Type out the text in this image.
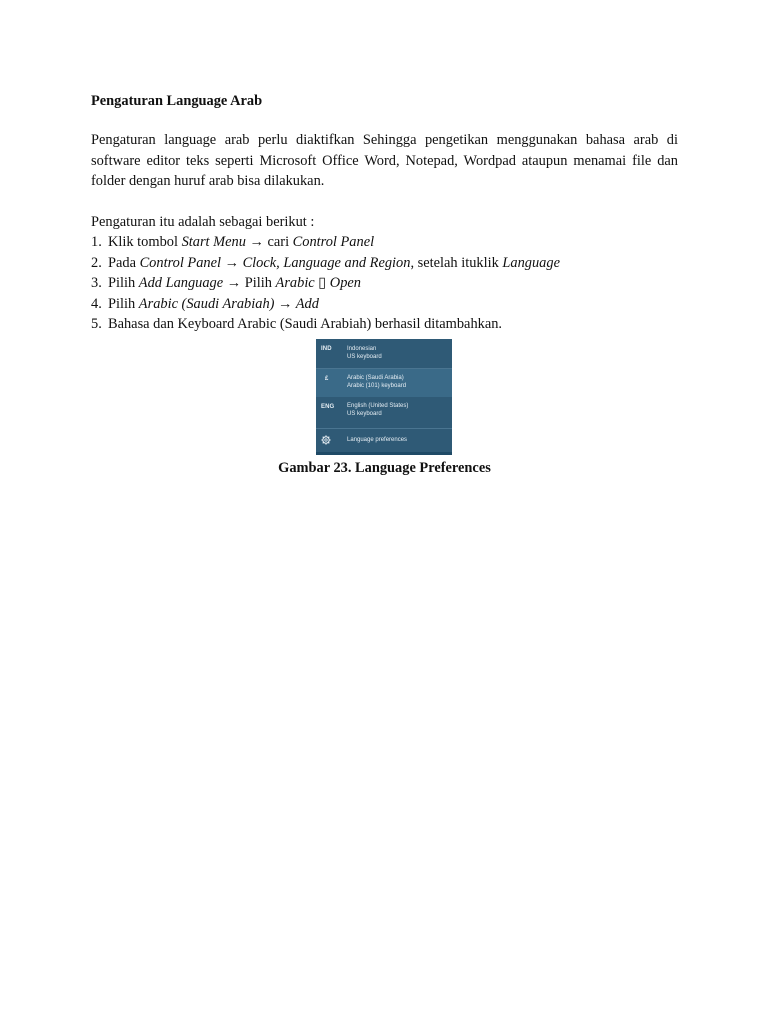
Pengaturan Language Arab

Pengaturan language arab perlu diaktifkan Sehingga pengetikan menggunakan bahasa arab di software editor teks seperti Microsoft Office Word, Notepad, Wordpad ataupun menamai file dan folder dengan huruf arab bisa dilakukan.
Pengaturan itu adalah sebagai berikut :
1. Klik tombol Start Menu → cari Control Panel
2. Pada Control Panel → Clock, Language and Region, setelah ituklik Language
3. Pilih Add Language → Pilih Arabic ▯ Open
4. Pilih Arabic (Saudi Arabiah) → Add
5. Bahasa dan Keyboard Arabic (Saudi Arabiah) berhasil ditambahkan.
IND	Indonesian
US keyboard
£	Arabic (Saudi Arabia)
Arabic (101) keyboard
ENG English (United States)
US keyboard
Language preferences
Gambar 23. Language Preferences
